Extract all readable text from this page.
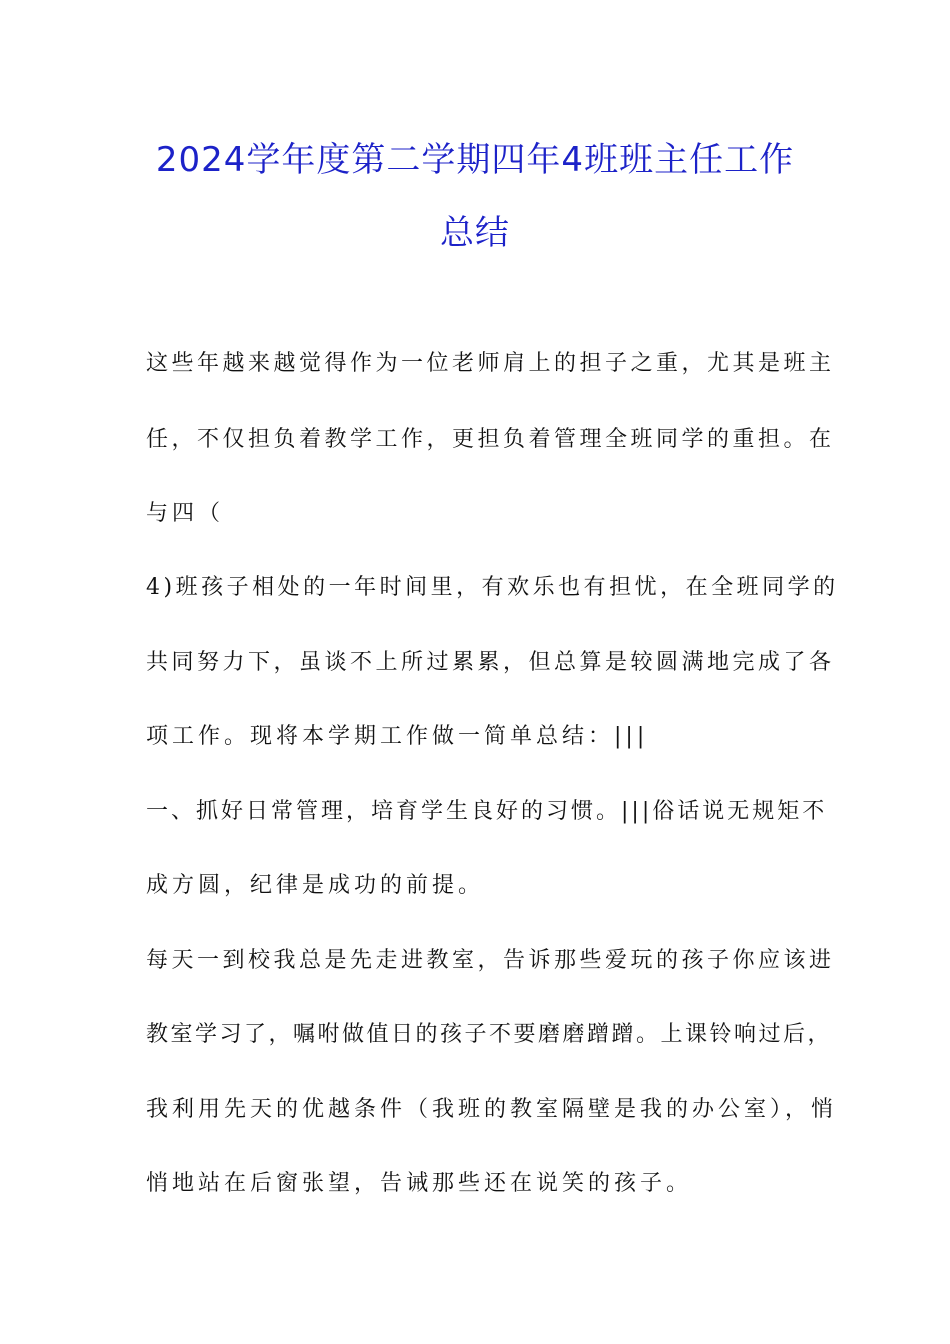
2024学年度第二学期四年4班班主任工作
总结
这些年越来越觉得作为一位老师肩上的担子之重，尤其是班主
任，不仅担负着教学工作，更担负着管理全班同学的重担。在
与四（
4)班孩子相处的一年时间里，有欢乐也有担忧，在全班同学的
共同努力下，虽谈不上所过累累，但总算是较圆满地完成了各
项工作。现将本学期工作做一简单总结：|||
一、抓好日常管理，培育学生良好的习惯。|||俗话说无规矩不
成方圆，纪律是成功的前提。
每天一到校我总是先走进教室，告诉那些爱玩的孩子你应该进
教室学习了，嘱咐做值日的孩子不要磨磨蹭蹭。上课铃响过后，
我利用先天的优越条件（我班的教室隔壁是我的办公室），悄
悄地站在后窗张望，告诫那些还在说笑的孩子。
